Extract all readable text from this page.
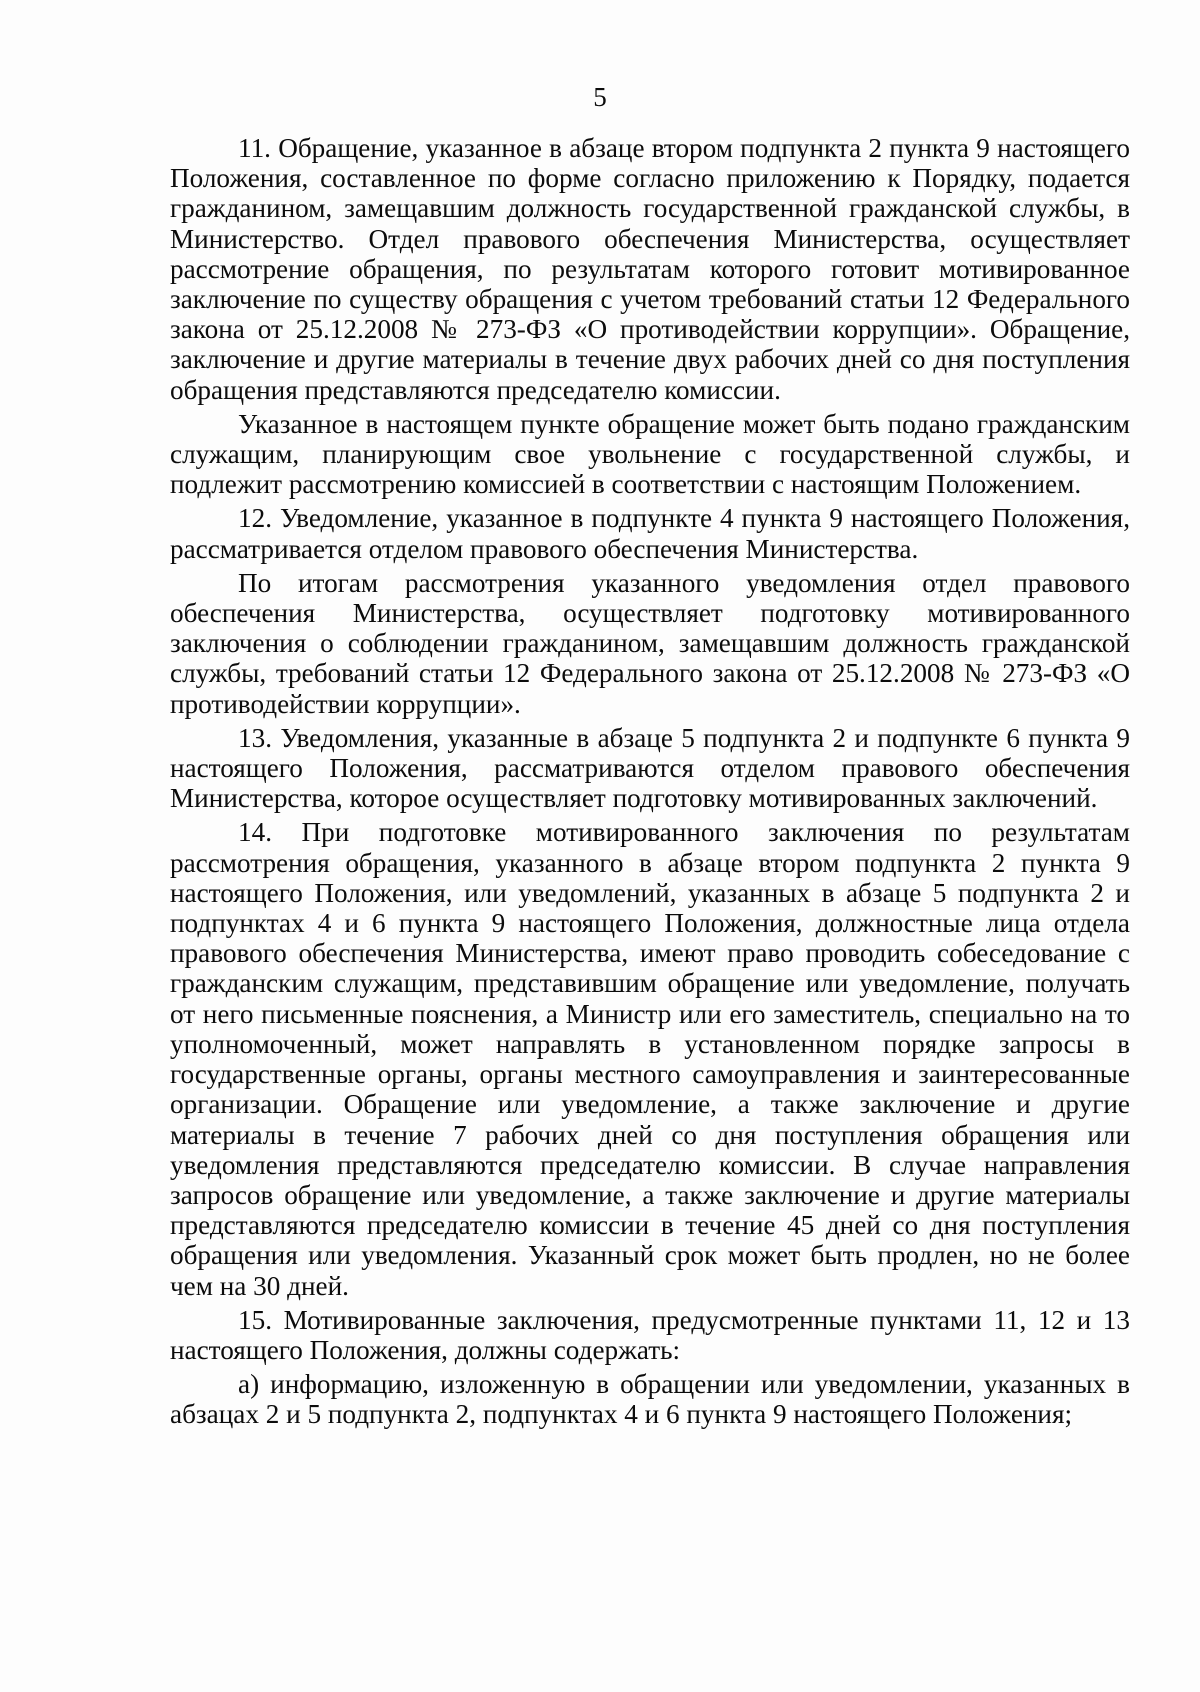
5

11. Обращение, указанное в абзаце втором подпункта 2 пункта 9 настоящего Положения, составленное по форме согласно приложению к Порядку, подается гражданином, замещавшим должность государственной гражданской службы, в Министерство. Отдел правового обеспечения Министерства, осуществляет рассмотрение обращения, по результатам которого готовит мотивированное заключение по существу обращения с учетом требований статьи 12 Федерального закона от 25.12.2008 № 273-ФЗ «О противодействии коррупции». Обращение, заключение и другие материалы в течение двух рабочих дней со дня поступления обращения представляются председателю комиссии.

Указанное в настоящем пункте обращение может быть подано гражданским служащим, планирующим свое увольнение с государственной службы, и подлежит рассмотрению комиссией в соответствии с настоящим Положением.

12. Уведомление, указанное в подпункте 4 пункта 9 настоящего Положения, рассматривается отделом правового обеспечения Министерства.

По итогам рассмотрения указанного уведомления отдел правового обеспечения Министерства, осуществляет подготовку мотивированного заключения о соблюдении гражданином, замещавшим должность гражданской службы, требований статьи 12 Федерального закона от 25.12.2008 № 273-ФЗ «О противодействии коррупции».

13. Уведомления, указанные в абзаце 5 подпункта 2 и подпункте 6 пункта 9 настоящего Положения, рассматриваются отделом правового обеспечения Министерства, которое осуществляет подготовку мотивированных заключений.

14. При подготовке мотивированного заключения по результатам рассмотрения обращения, указанного в абзаце втором подпункта 2 пункта 9 настоящего Положения, или уведомлений, указанных в абзаце 5 подпункта 2 и подпунктах 4 и 6 пункта 9 настоящего Положения, должностные лица отдела правового обеспечения Министерства, имеют право проводить собеседование с гражданским служащим, представившим обращение или уведомление, получать от него письменные пояснения, а Министр или его заместитель, специально на то уполномоченный, может направлять в установленном порядке запросы в государственные органы, органы местного самоуправления и заинтересованные организации. Обращение или уведомление, а также заключение и другие материалы в течение 7 рабочих дней со дня поступления обращения или уведомления представляются председателю комиссии. В случае направления запросов обращение или уведомление, а также заключение и другие материалы представляются председателю комиссии в течение 45 дней со дня поступления обращения или уведомления. Указанный срок может быть продлен, но не более чем на 30 дней.

15. Мотивированные заключения, предусмотренные пунктами 11, 12 и 13 настоящего Положения, должны содержать:

а) информацию, изложенную в обращении или уведомлении, указанных в абзацах 2 и 5 подпункта 2, подпунктах 4 и 6 пункта 9 настоящего Положения;
